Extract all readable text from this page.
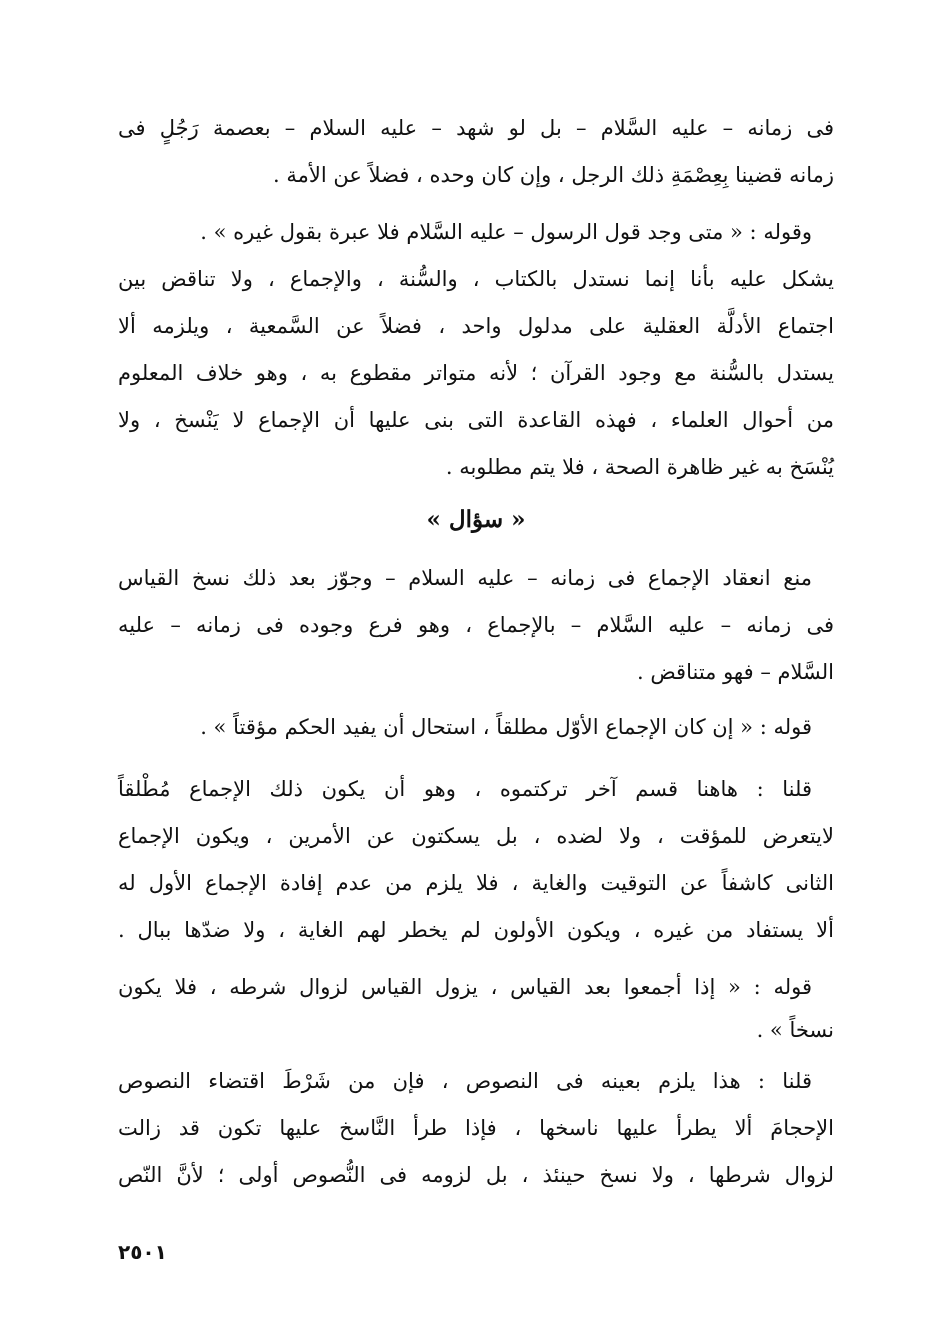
فى زمانه – عليه السَّلام – بل لو شهد – عليه السلام – بعصمة رَجُلٍ فى
زمانه قضينا بِعِصْمَةِ ذلك الرجل ، وإن كان وحده ، فضلاً عن الأمة .
وقوله : « متى وجد قول الرسول – عليه السَّلام فلا عبرة بقول غيره » .
يشكل عليه بأنا إنما نستدل بالكتاب ، والسُّنة ، والإجماع ، ولا تناقض بين
اجتماع الأدلَّة العقلية على مدلول واحد ، فضلاً عن السَّمعية ، ويلزمه ألا
يستدل بالسُّنة مع وجود القرآن ؛ لأنه متواتر مقطوع به ، وهو خلاف المعلوم
من أحوال العلماء ، فهذه القاعدة التى بنى عليها أن الإجماع لا يَنْسخ ، ولا
يُنْسَخ به غير ظاهرة الصحة ، فلا يتم مطلوبه .
« سؤال »
منع انعقاد الإجماع فى زمانه – عليه السلام – وجوّز بعد ذلك نسخ القياس
فى زمانه – عليه السَّلام – بالإجماع ، وهو فرع وجوده فى زمانه – عليه
السَّلام – فهو متناقض .
قوله : « إن كان الإجماع الأوّل مطلقاً ، استحال أن يفيد الحكم مؤقتاً » .
قلنا : هاهنا قسم آخر تركتموه ، وهو أن يكون ذلك الإجماع مُطْلقاً
لايتعرض للمؤقت ، ولا لضده ، بل يسكتون عن الأمرين ، ويكون الإجماع
الثانى كاشفاً عن التوقيت والغاية ، فلا يلزم من عدم إفادة الإجماع الأول له
ألا يستفاد من غيره ، ويكون الأولون لم يخطر لهم الغاية ، ولا ضدّها ببال .
قوله : « إذا أجمعوا بعد القياس ، يزول القياس لزوال شرطه ، فلا يكون
نسخاً » .
قلنا : هذا يلزم بعينه فى النصوص ، فإن من شَرْطَ اقتضاء النصوص
الإحجامَ ألا يطرأ عليها ناسخها ، فإذا طرأ النَّاسخ عليها تكون قد زالت
لزوال شرطها ، ولا نسخ حينئذ ، بل لزومه فى النُّصوص أولى ؛ لأنَّ النّص
٢٥٠١
